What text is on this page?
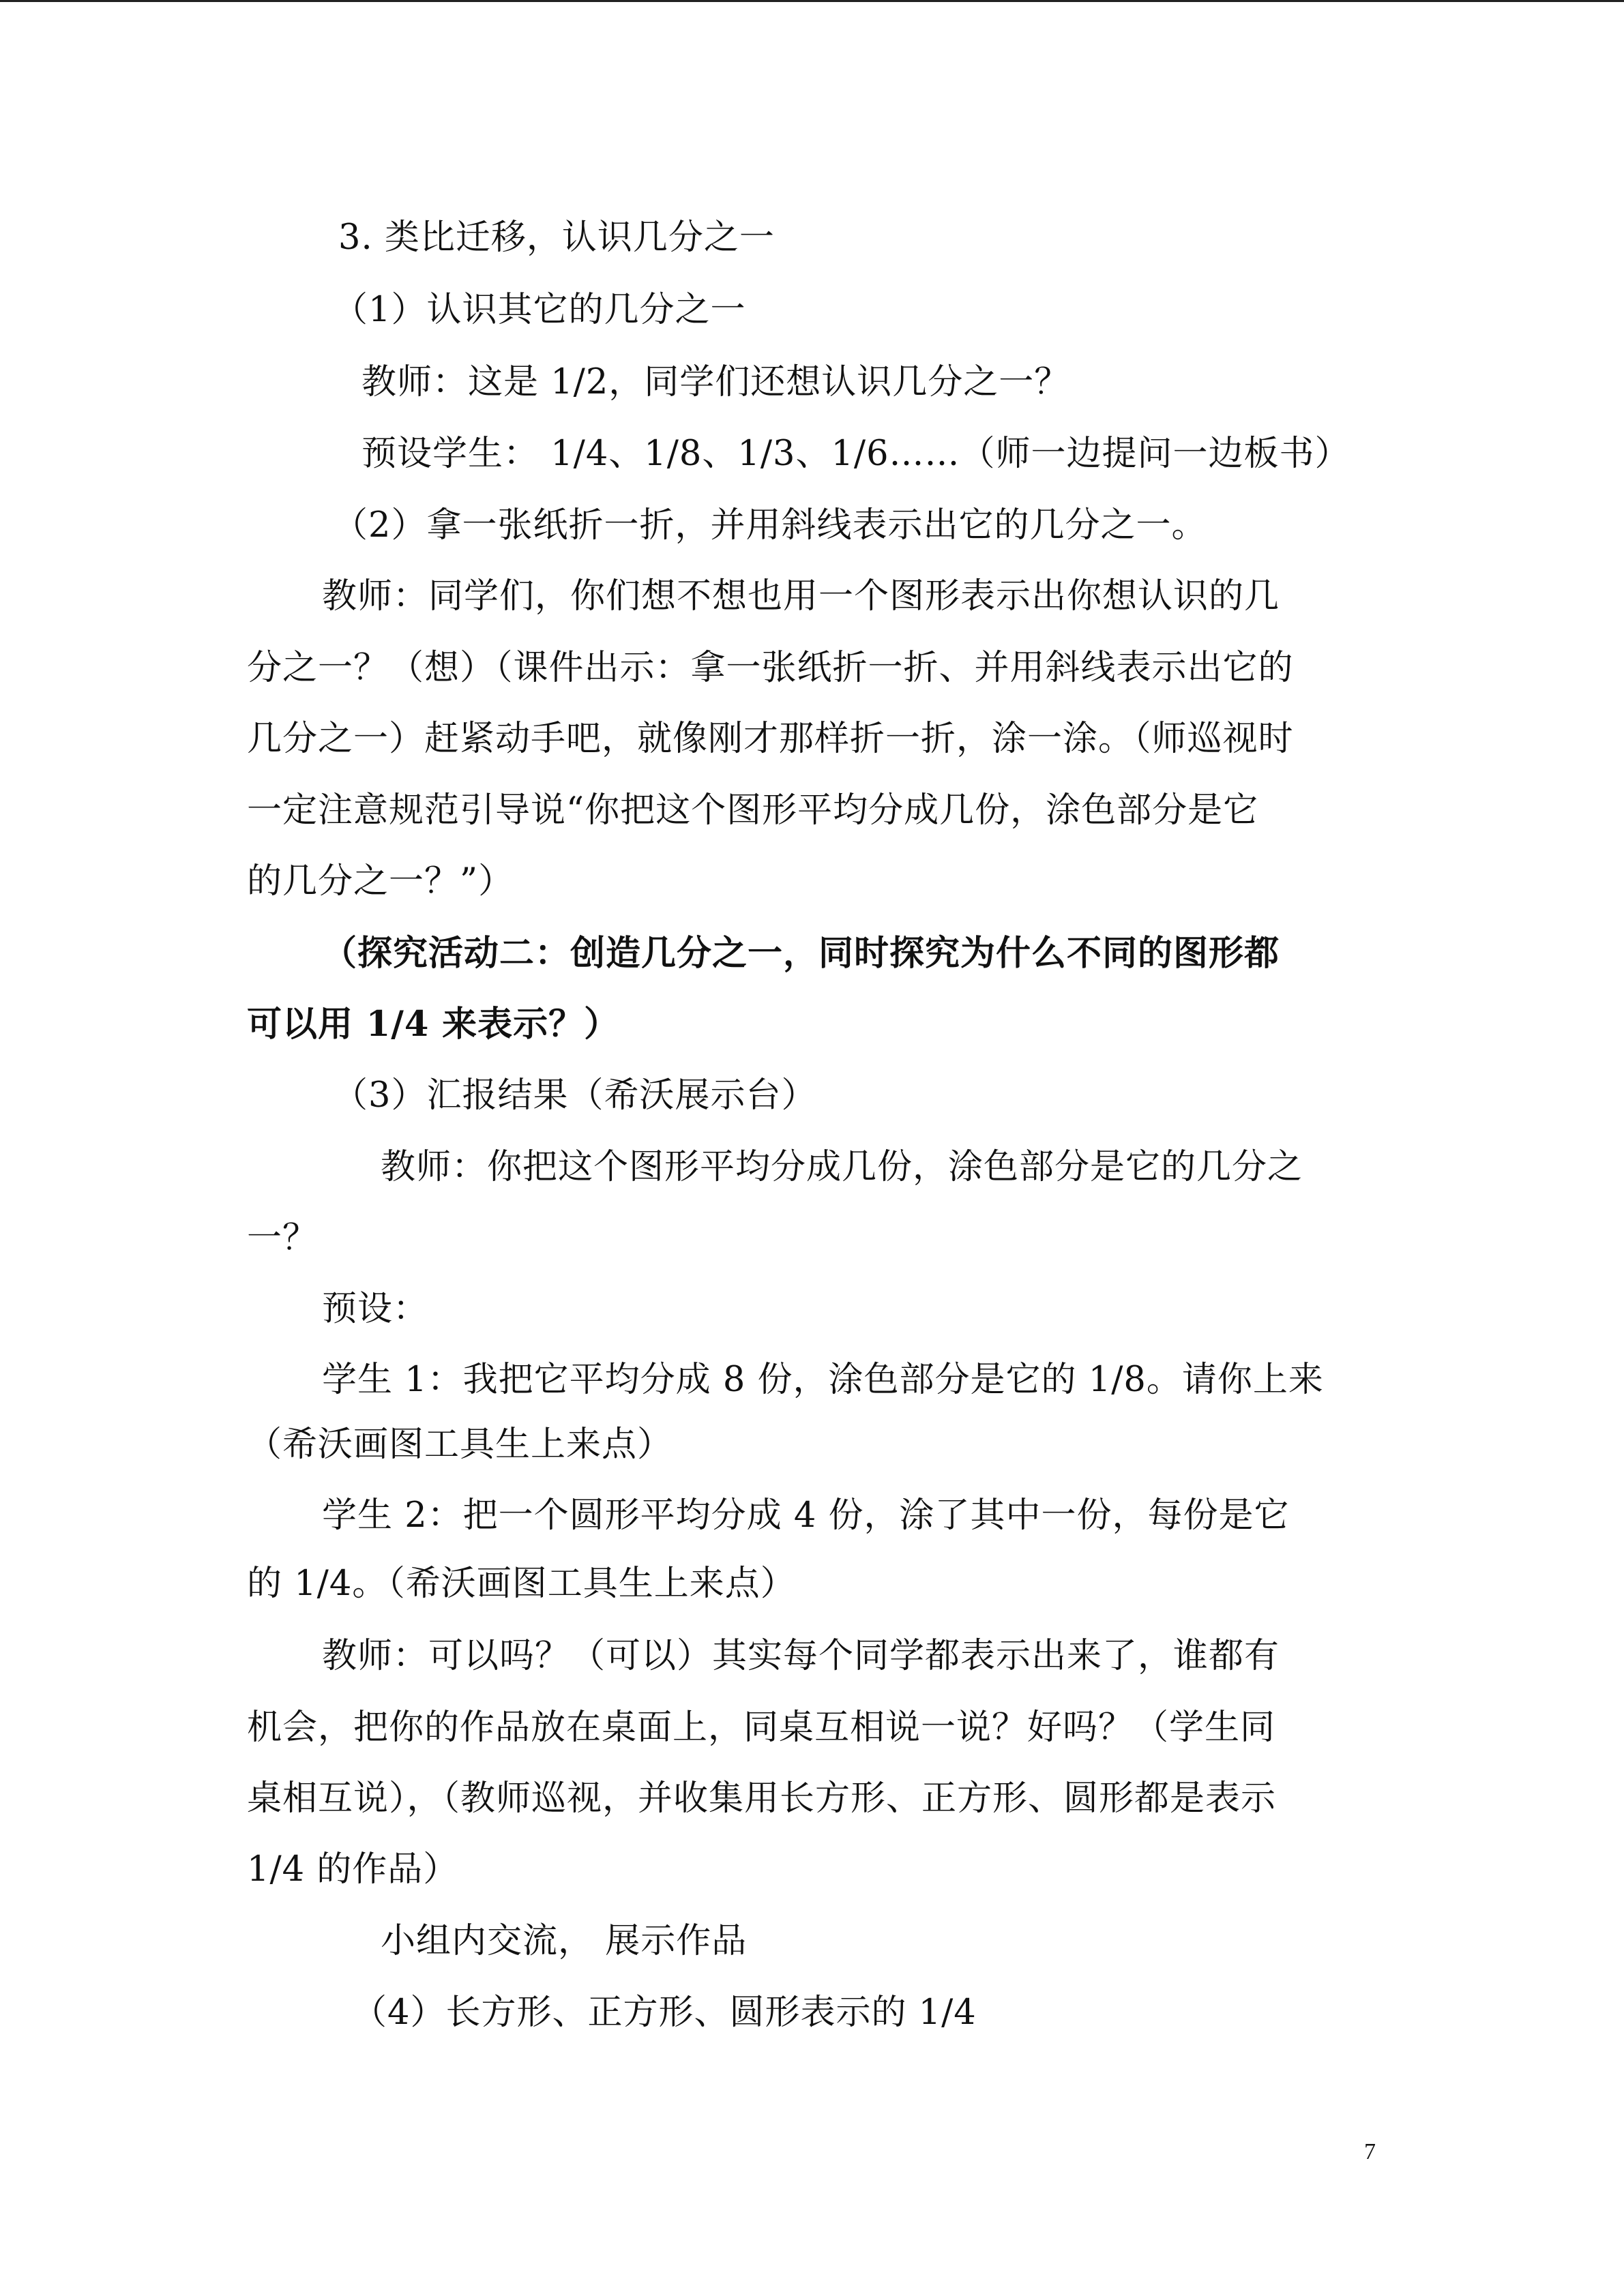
3. 类比迁移，认识几分之一
（1）认识其它的几分之一
教师：这是 1/2，同学们还想认识几分之一？
预设学生： 1/4、1/8、1/3、1/6……（师一边提问一边板书）
（2）拿一张纸折一折，并用斜线表示出它的几分之一。
教师：同学们，你们想不想也用一个图形表示出你想认识的几
分之一？（想）（课件出示：拿一张纸折一折、并用斜线表示出它的
几分之一）赶紧动手吧，就像刚才那样折一折，涂一涂。（师巡视时
一定注意规范引导说“你把这个图形平均分成几份，涂色部分是它
的几分之一？”）
（探究活动二：创造几分之一，同时探究为什么不同的图形都
可以用 1/4 来表示？）
（3）汇报结果（希沃展示台）
教师：你把这个图形平均分成几份，涂色部分是它的几分之
一？
预设：
学生 1：我把它平均分成 8 份，涂色部分是它的 1/8。请你上来
（希沃画图工具生上来点）
学生 2：把一个圆形平均分成 4 份，涂了其中一份，每份是它
的 1/4。（希沃画图工具生上来点）
教师：可以吗？（可以）其实每个同学都表示出来了，谁都有
机会，把你的作品放在桌面上，同桌互相说一说？好吗？（学生同
桌相互说），（教师巡视，并收集用长方形、正方形、圆形都是表示
1/4 的作品）
小组内交流， 展示作品
（4）长方形、正方形、圆形表示的 1/4
7
